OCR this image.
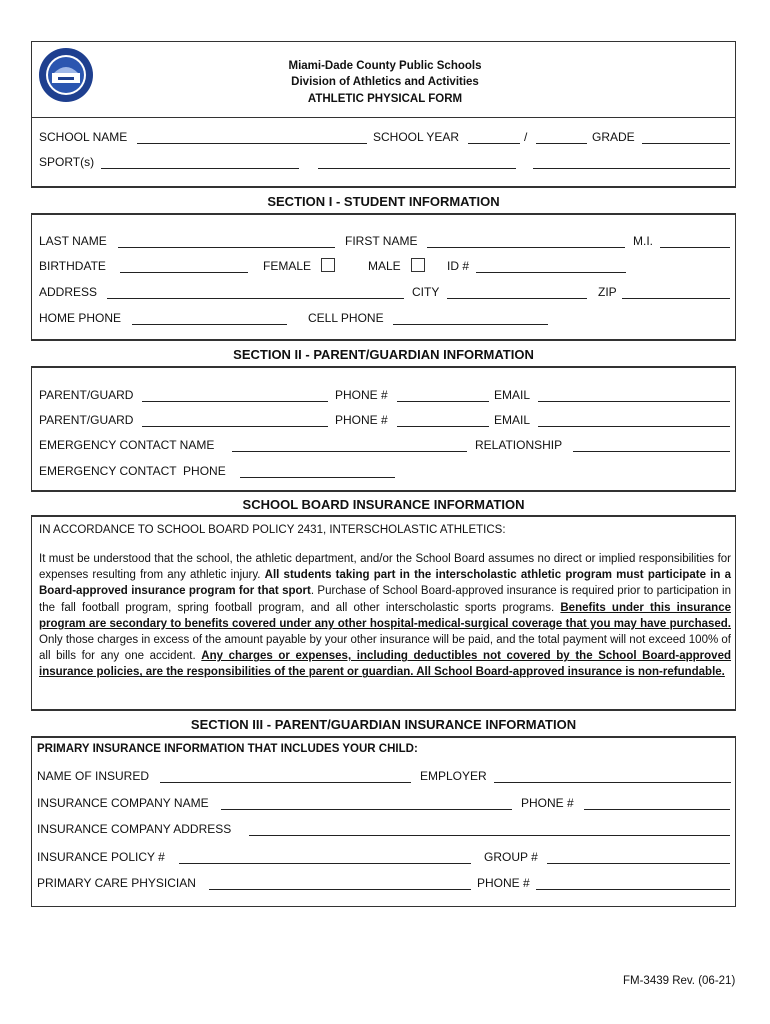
Miami-Dade County Public Schools
Division of Athletics and Activities
ATHLETIC PHYSICAL FORM
SCHOOL NAME	SCHOOL YEAR	/	GRADE
SPORT(s)
SECTION I - STUDENT INFORMATION
LAST NAME	FIRST NAME	M.I.
BIRTHDATE	FEMALE	MALE	ID #
ADDRESS	CITY	ZIP
HOME PHONE	CELL PHONE
SECTION II - PARENT/GUARDIAN INFORMATION
PARENT/GUARD	PHONE #	EMAIL
PARENT/GUARD	PHONE #	EMAIL
EMERGENCY CONTACT NAME	RELATIONSHIP
EMERGENCY CONTACT  PHONE
SCHOOL BOARD INSURANCE INFORMATION
IN ACCORDANCE TO SCHOOL BOARD POLICY 2431, INTERSCHOLASTIC ATHLETICS:
It must be understood that the school, the athletic department, and/or the School Board assumes no direct or implied responsibilities for expenses resulting from any athletic injury. All students taking part in the interscholastic athletic program must participate in a Board-approved insurance program for that sport. Purchase of School Board-approved insurance is required prior to participation in the fall football program, spring football program, and all other interscholastic sports programs. Benefits under this insurance program are secondary to benefits covered under any other hospital-medical-surgical coverage that you may have purchased. Only those charges in excess of the amount payable by your other insurance will be paid, and the total payment will not exceed 100% of all bills for any one accident. Any charges or expenses, including deductibles not covered by the School Board-approved insurance policies, are the responsibilities of the parent or guardian. All School Board-approved insurance is non-refundable.
SECTION III - PARENT/GUARDIAN INSURANCE INFORMATION
PRIMARY INSURANCE INFORMATION THAT INCLUDES YOUR CHILD:
NAME OF INSURED	EMPLOYER
INSURANCE COMPANY NAME	PHONE #
INSURANCE COMPANY ADDRESS
INSURANCE POLICY #	GROUP #
PRIMARY CARE PHYSICIAN	PHONE #
FM-3439 Rev. (06-21)
